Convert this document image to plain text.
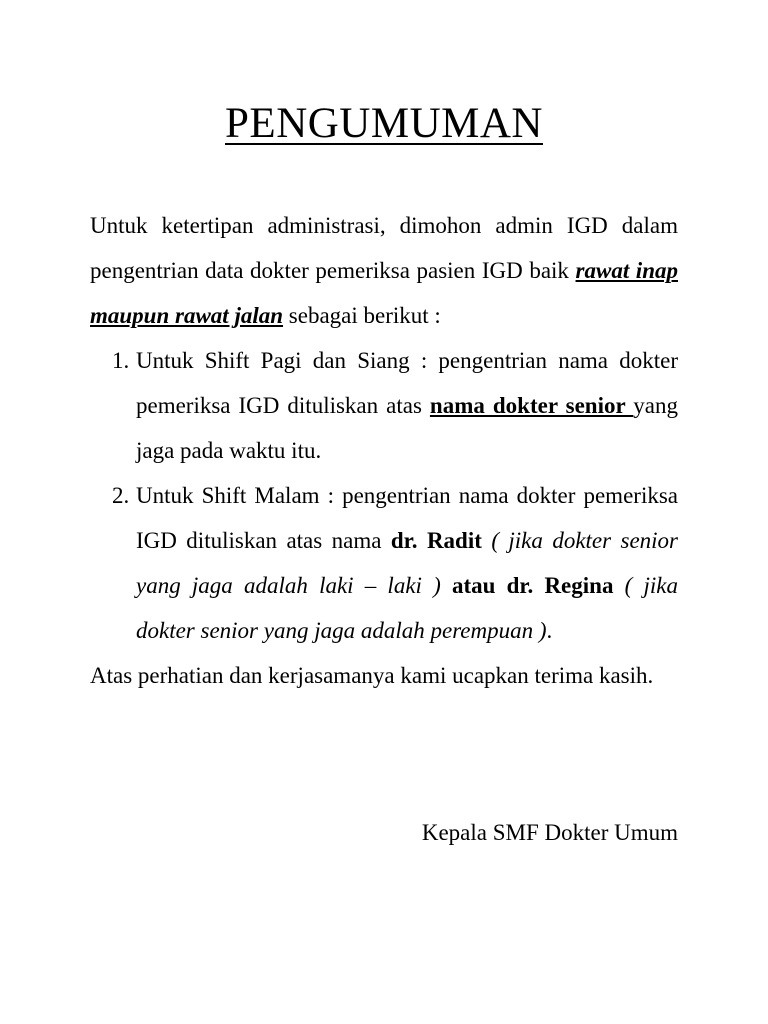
PENGUMUMAN

Untuk ketertipan administrasi, dimohon admin IGD dalam pengentrian data dokter pemeriksa pasien IGD baik rawat inap maupun rawat jalan sebagai berikut :

1. Untuk Shift Pagi dan Siang : pengentrian nama dokter pemeriksa IGD dituliskan atas nama dokter senior yang jaga pada waktu itu.
2. Untuk Shift Malam : pengentrian nama dokter pemeriksa IGD dituliskan atas nama dr. Radit ( jika dokter senior yang jaga adalah laki – laki ) atau dr. Regina ( jika dokter senior yang jaga adalah perempuan ).

Atas perhatian dan kerjasamanya kami ucapkan terima kasih.

Kepala SMF Dokter Umum
